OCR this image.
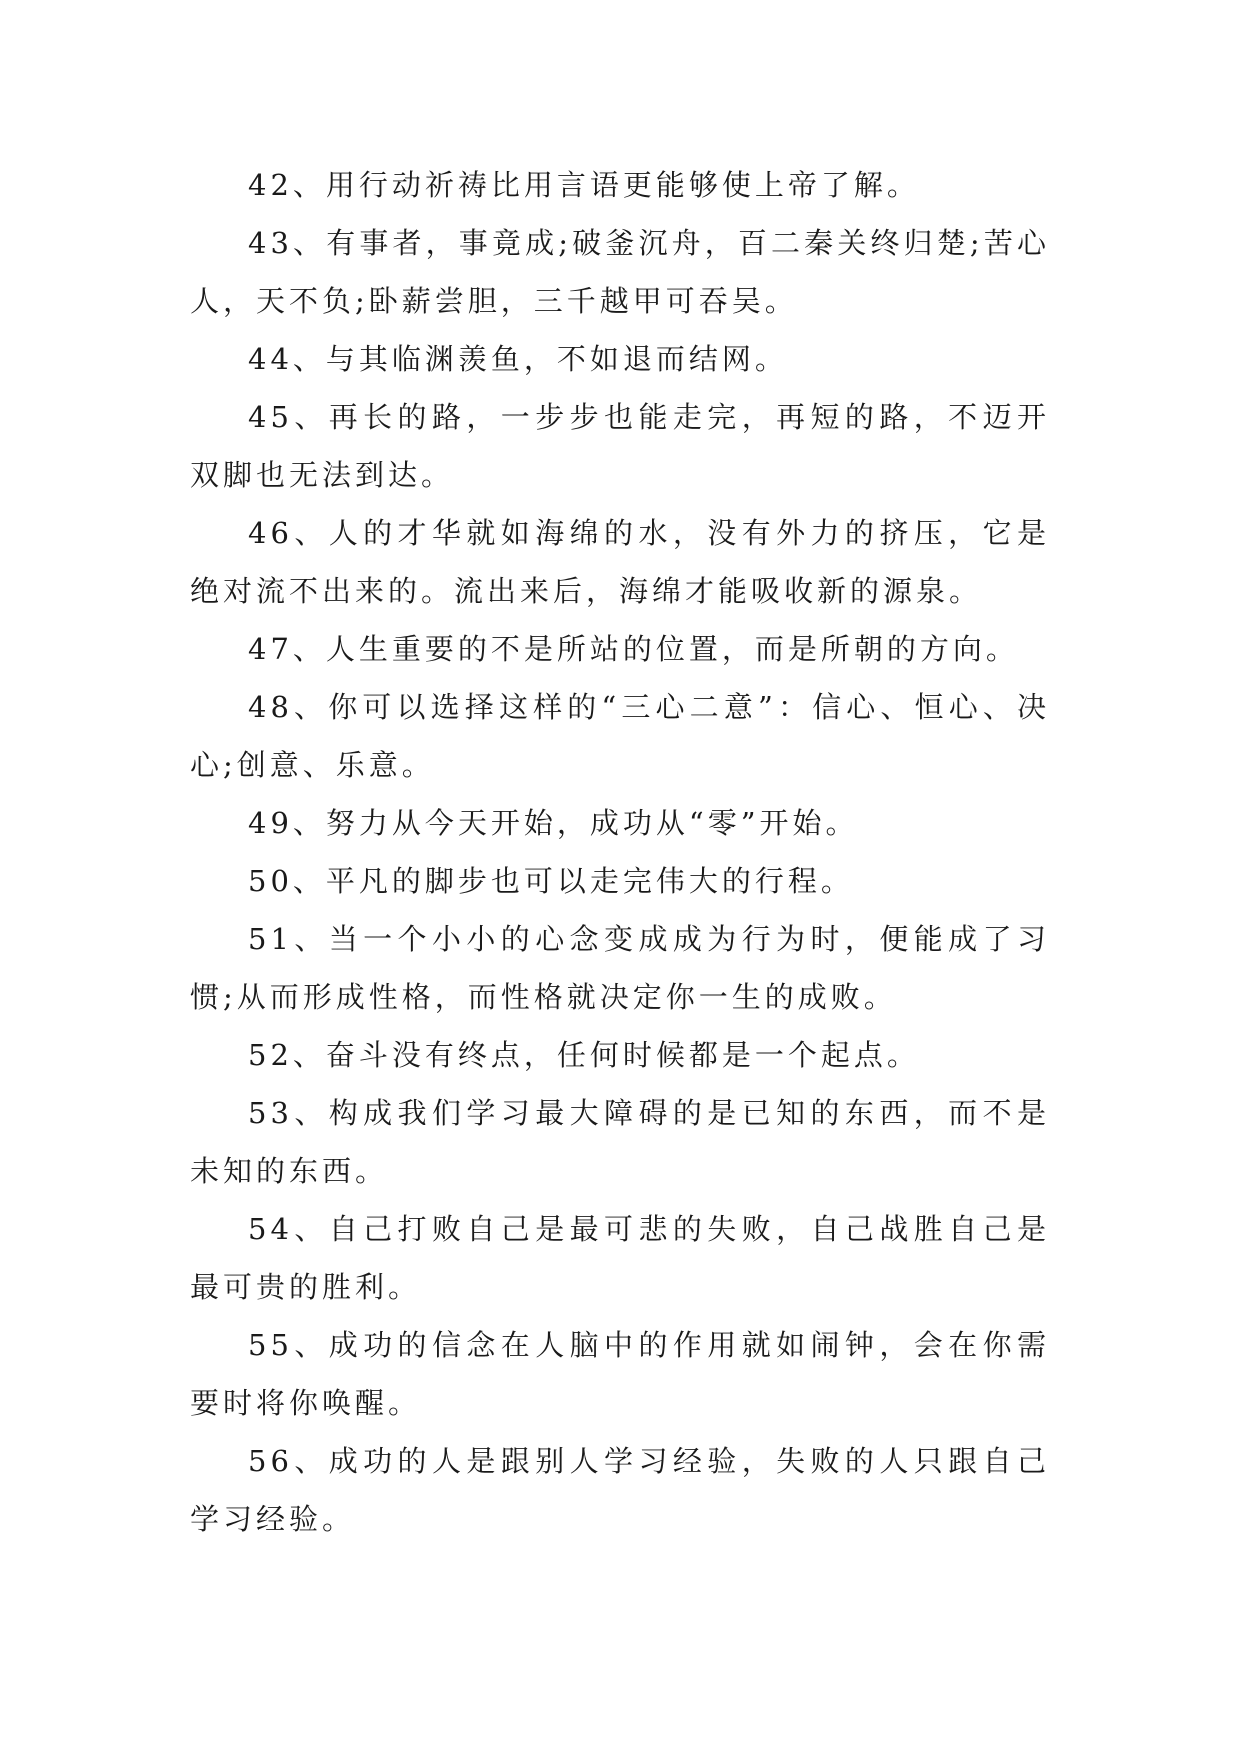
42、用行动祈祷比用言语更能够使上帝了解。

43、有事者，事竟成;破釜沉舟，百二秦关终归楚;苦心人，天不负;卧薪尝胆，三千越甲可吞吴。

44、与其临渊羡鱼，不如退而结网。

45、再长的路，一步步也能走完，再短的路，不迈开双脚也无法到达。

46、人的才华就如海绵的水，没有外力的挤压，它是绝对流不出来的。流出来后，海绵才能吸收新的源泉。

47、人生重要的不是所站的位置，而是所朝的方向。

48、你可以选择这样的“三心二意”：信心、恒心、决心;创意、乐意。

49、努力从今天开始，成功从“零”开始。

50、平凡的脚步也可以走完伟大的行程。

51、当一个小小的心念变成成为行为时，便能成了习惯;从而形成性格，而性格就决定你一生的成败。

52、奋斗没有终点，任何时候都是一个起点。

53、构成我们学习最大障碍的是已知的东西，而不是未知的东西。

54、自己打败自己是最可悲的失败，自己战胜自己是最可贵的胜利。

55、成功的信念在人脑中的作用就如闹钟，会在你需要时将你唤醒。

56、成功的人是跟别人学习经验，失败的人只跟自己学习经验。
